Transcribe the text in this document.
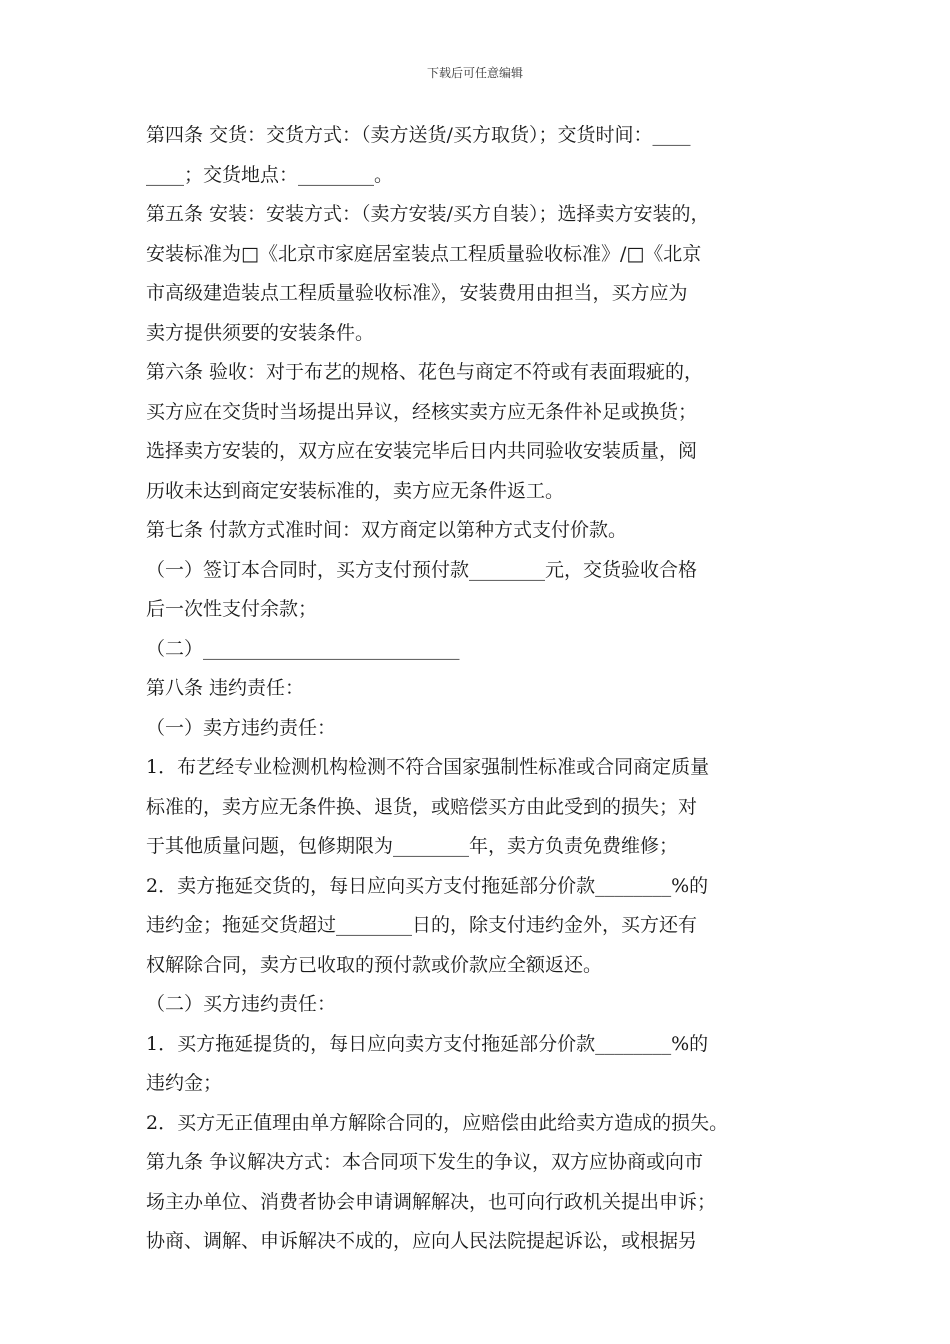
下载后可任意编辑
第四条 交货：交货方式：（卖方送货/买方取货）；交货时间：____
____；交货地点：________。
第五条 安装：安装方式：（卖方安装/买方自装）；选择卖方安装的，
安装标准为□《北京市家庭居室装点工程质量验收标准》/□《北京
市高级建造装点工程质量验收标准》，安装费用由担当，买方应为
卖方提供须要的安装条件。
第六条 验收：对于布艺的规格、花色与商定不符或有表面瑕疵的，
买方应在交货时当场提出异议，经核实卖方应无条件补足或换货；
选择卖方安装的，双方应在安装完毕后日内共同验收安装质量，阅
历收未达到商定安装标准的，卖方应无条件返工。
第七条 付款方式准时间：双方商定以第种方式支付价款。
（一）签订本合同时，买方支付预付款________元，交货验收合格
后一次性支付余款；
（二）___________________________
第八条 违约责任：
（一）卖方违约责任：
1．布艺经专业检测机构检测不符合国家强制性标准或合同商定质量
标准的，卖方应无条件换、退货，或赔偿买方由此受到的损失；对
于其他质量问题，包修期限为________年，卖方负责免费维修；
2．卖方拖延交货的，每日应向买方支付拖延部分价款________%的
违约金；拖延交货超过________日的，除支付违约金外，买方还有
权解除合同，卖方已收取的预付款或价款应全额返还。
（二）买方违约责任：
1．买方拖延提货的，每日应向卖方支付拖延部分价款________%的
违约金；
2．买方无正值理由单方解除合同的，应赔偿由此给卖方造成的损失。
第九条 争议解决方式：本合同项下发生的争议，双方应协商或向市
场主办单位、消费者协会申请调解解决，也可向行政机关提出申诉；
协商、调解、申诉解决不成的，应向人民法院提起诉讼，或根据另
